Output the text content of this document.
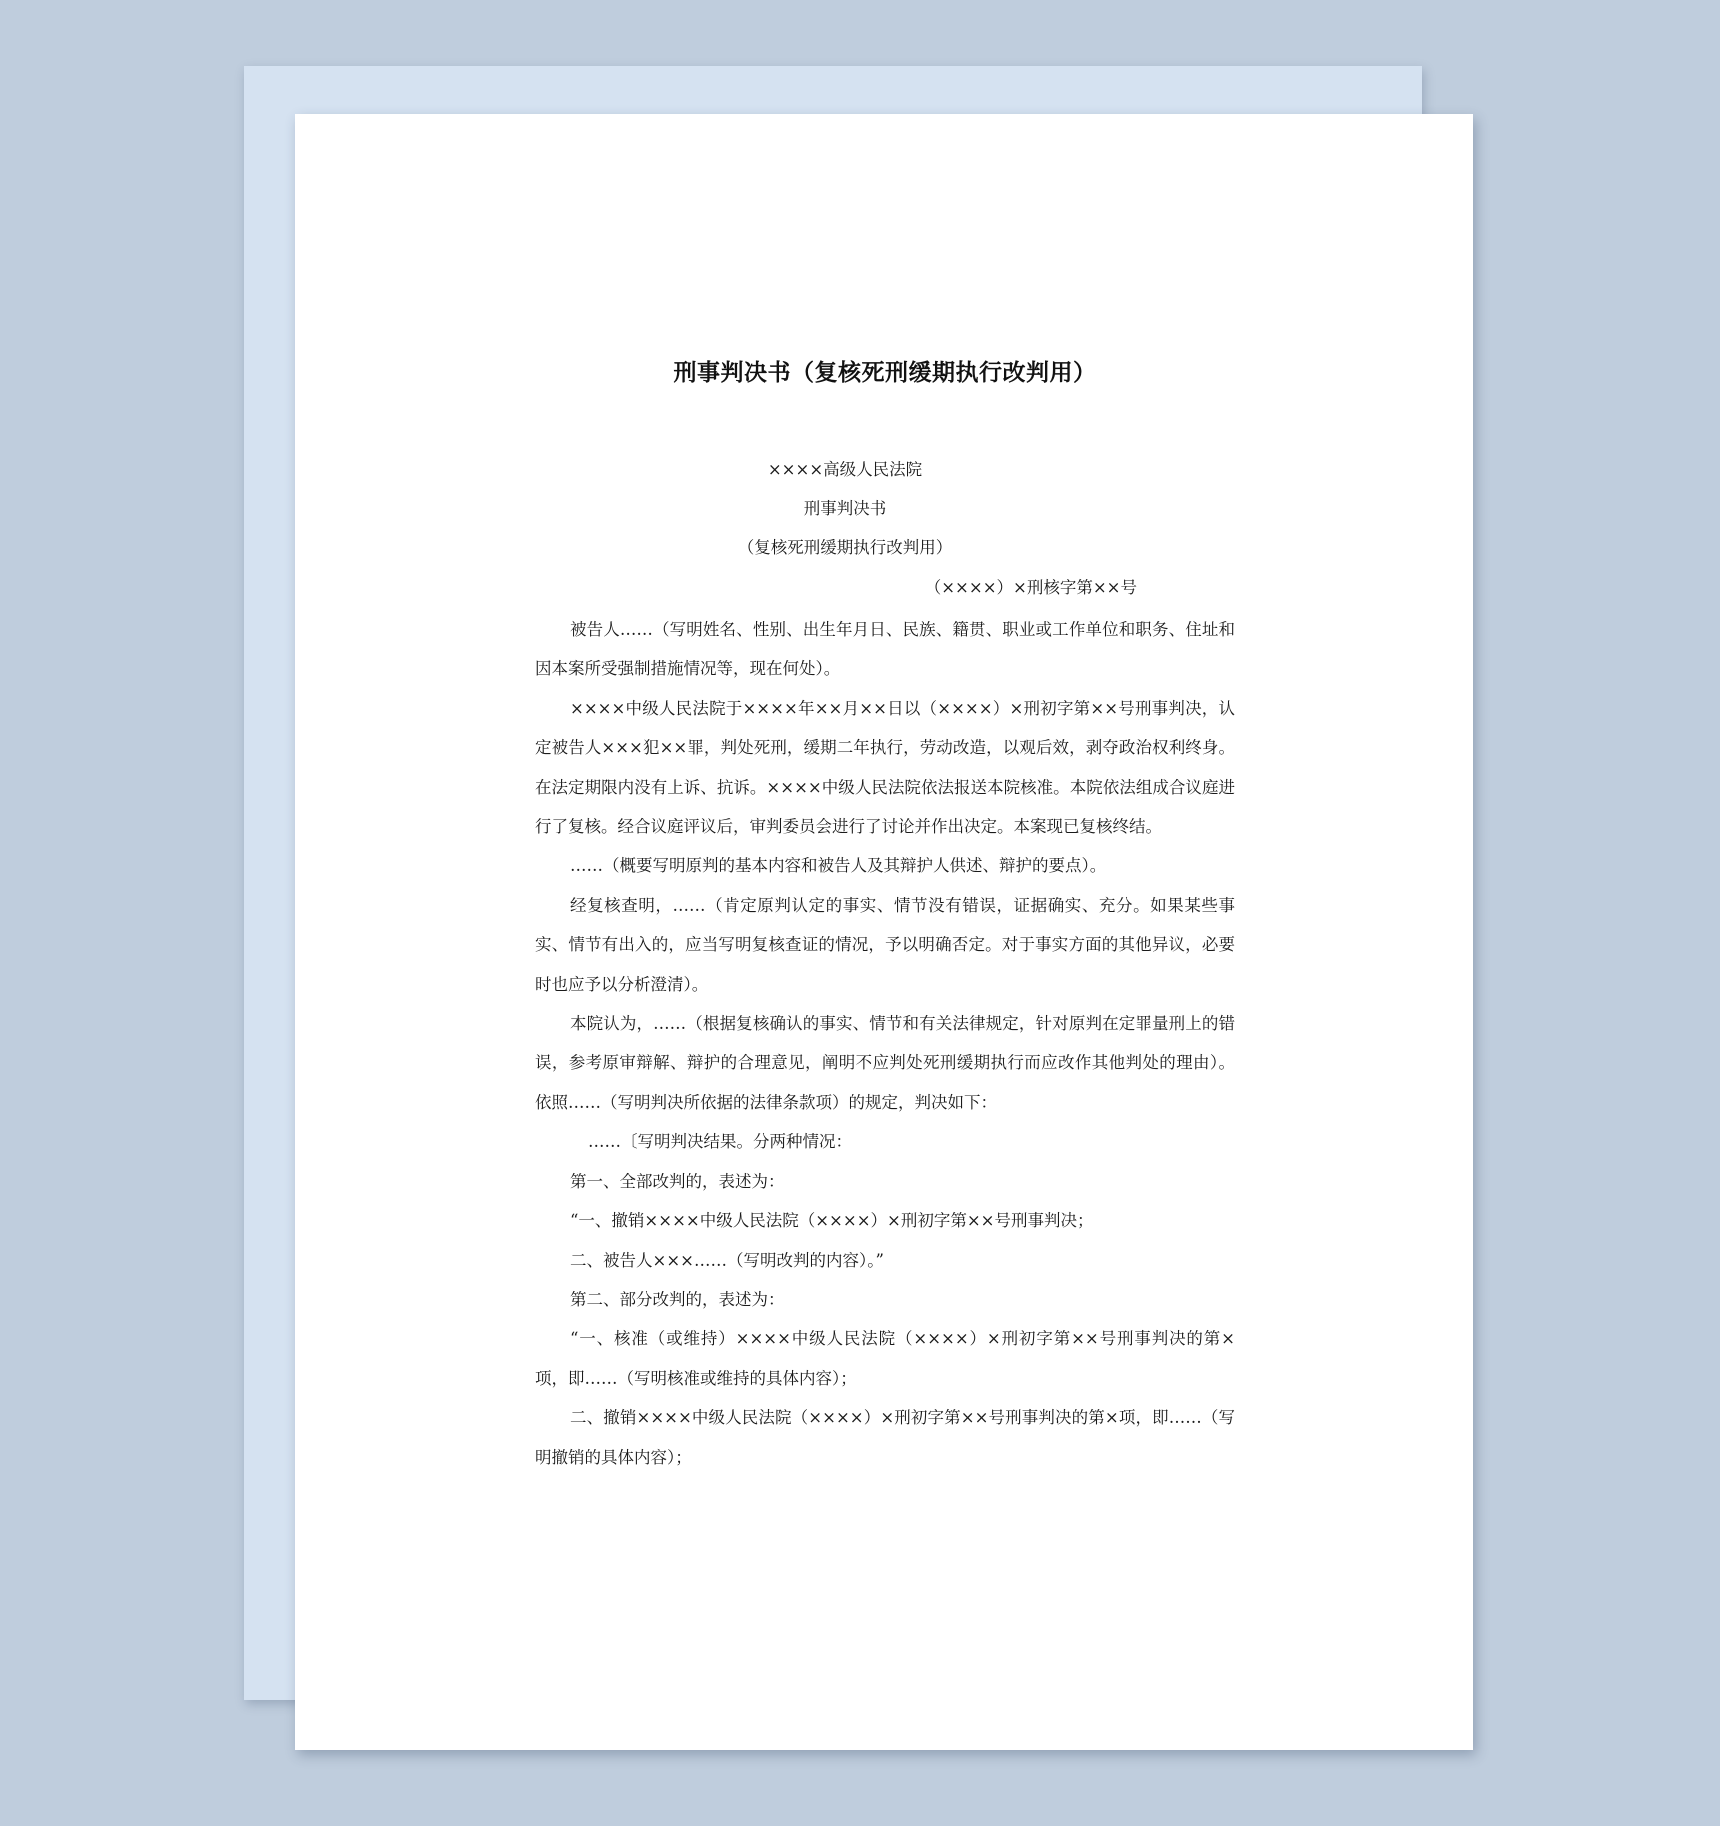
刑事判决书（复核死刑缓期执行改判用）
××××高级人民法院
刑事判决书
（复核死刑缓期执行改判用）
（××××）×刑核字第××号

被告人……（写明姓名、性别、出生年月日、民族、籍贯、职业或工作单位和职务、住址和因本案所受强制措施情况等，现在何处）。

××××中级人民法院于××××年××月××日以（××××）×刑初字第××号刑事判决，认定被告人×××犯××罪，判处死刑，缓期二年执行，劳动改造，以观后效，剥夺政治权利终身。在法定期限内没有上诉、抗诉。××××中级人民法院依法报送本院核准。本院依法组成合议庭进行了复核。经合议庭评议后，审判委员会进行了讨论并作出决定。本案现已复核终结。

……（概要写明原判的基本内容和被告人及其辩护人供述、辩护的要点）。

经复核查明，……（肯定原判认定的事实、情节没有错误，证据确实、充分。如果某些事实、情节有出入的，应当写明复核查证的情况，予以明确否定。对于事实方面的其他异议，必要时也应予以分析澄清）。

本院认为，……（根据复核确认的事实、情节和有关法律规定，针对原判在定罪量刑上的错误，参考原审辩解、辩护的合理意见，阐明不应判处死刑缓期执行而应改作其他判处的理由）。依照……（写明判决所依据的法律条款项）的规定，判决如下：

……〔写明判决结果。分两种情况：

第一、全部改判的，表述为：

“一、撤销××××中级人民法院（××××）×刑初字第××号刑事判决；

二、被告人×××……（写明改判的内容）。”

第二、部分改判的，表述为：

“一、核准（或维持）××××中级人民法院（××××）×刑初字第××号刑事判决的第×项，即……（写明核准或维持的具体内容）；

二、撤销××××中级人民法院（××××）×刑初字第××号刑事判决的第×项，即……（写明撤销的具体内容）；
